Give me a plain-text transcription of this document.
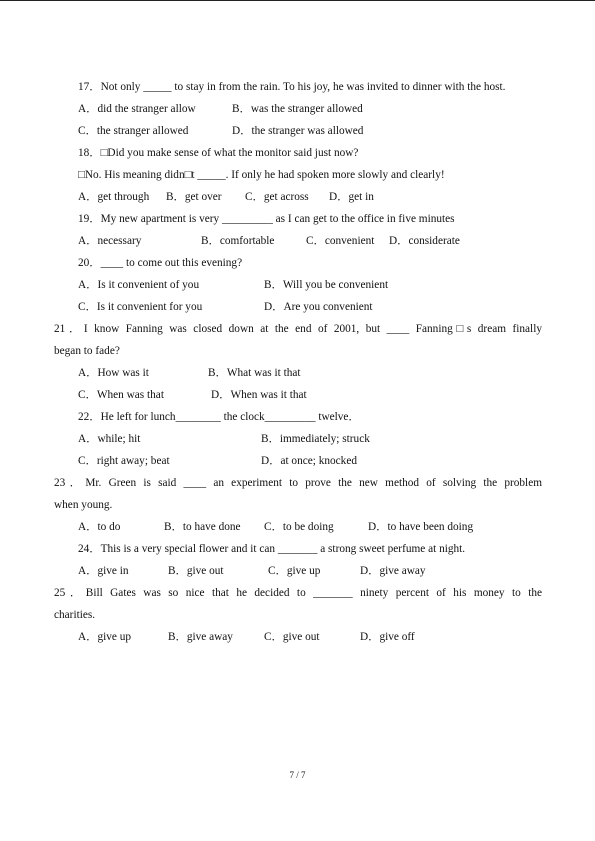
17．Not only _____ to stay in from the rain. To his joy, he was invited to dinner with the host.
A．did the stranger allow	B．was the stranger allowed
C．the stranger allowed	D．the stranger was allowed
18．□Did you make sense of what the monitor said just now?
□No. His meaning didn□t _____. If only he had spoken more slowly and clearly!
A．get through B．get over C．get across D．get in
19．My new apartment is very _________ as I can get to the office in five minutes
A．necessary	B．comfortable	C．convenient D．considerate
20．____ to come out this evening?
A．Is it convenient of you	B．Will you be convenient
C．Is it convenient for you	D．Are you convenient
21．I know Fanning was closed down at the end of 2001, but ____ Fanning□s dream finally
began to fade?
A．How was it	B．What was it that
C．When was that	D．When was it that
22．He left for lunch________ the clock_________ twelve．
A．while; hit	B．immediately; struck
C．right away; beat	D．at once; knocked
23．Mr. Green is said ____ an experiment to prove the new method of solving the problem
when young.
A．to do	B．to have done C．to be doing	D．to have been doing
24．This is a very special flower and it can _______ a strong sweet perfume at night.
A．give in	B．give out	C．give up	D．give away
25．Bill Gates was so nice that he decided to _______ ninety percent of his money to the
charities.
A．give up	B．give away	C．give out	D．give off
7 / 7
